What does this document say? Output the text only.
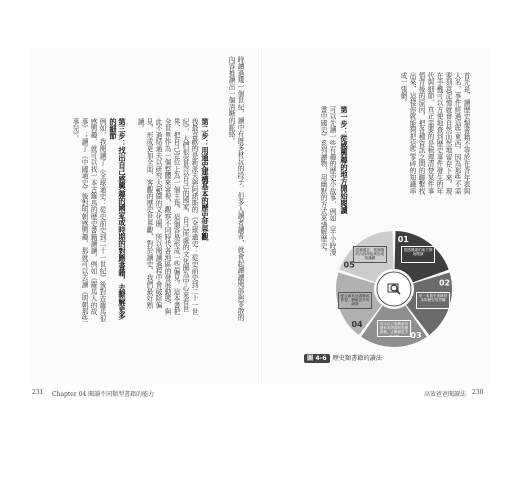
時讀過幾一個世紀，讀中有既多材玩的段子，但多人讀者讀者，就會起讀讀閱部與零散的內容推讀出一個清晰的脈絡。
第二步：用通史建構基本的歷史世界觀
我最喜歡的是新派夫與阿諾斯的《全球通史：從史前史到二十一世紀》，人們很容易以自己的國家、自己所處的文化圈為中心來看世界，把自己定位上為一個主角，這個容易形成一些偏見。這本書把全世界作為一個整體來審視，觀察不同時代各地區的發展動態，與此不過結通夫以研究大範圍的文化圈，所以閱讀過程中會破除偏見，形成更加全面、客觀的歷史世界觀，對於讀史，我們最好熟讀。
第三步：找出自己感興趣的國家或時期的對應書籍，去瞭解更多的細節
例如，我閱讀了《全球通史：從史前史到二十一世紀》後對古羅馬很感興趣，就可以找一本古羅馬的歷史書籍讀讀，例如《羅馬人的故事》；讀了《中國通史》後對明朝感興趣，那就可以去讀《明朝那些事兒》。
231 Chapter 04 閱讀不同類型書籍的能力
首先是，讀歷史類書籍不等於在背年表與人名、事件經過這些東西，因為那些不需要刻意記憶就會自然而然地留存下來。現在手機可以方便地查到歷史事件發生的年代與細節，真正需要的是梳理清楚某件事情背後的原因，把各種資訊之間的聯繫找出來，這樣你就能夠把這些零碎的知識串成一張網。
第一步：從感興趣的地方開始閱讀
可以先讀一些有趣的歷史小故事，例如《半小時漫畫中國史》系列讀物，用幽默的方式來講解歷史。	01
從感興趣的地方開始閱讀
02
用一本通史建構基本的歷史世界觀
03
找出自己感興趣的國家或時期的對應書籍，去瞭解更多的細節
04
配合讀其他書籍或影視，瞭解更多的細節
05
認識過去，把讀過的內容串起來形成知識網
圖 4-6 歷史類書籍的讀法
高效爸爸閱讀法 230
